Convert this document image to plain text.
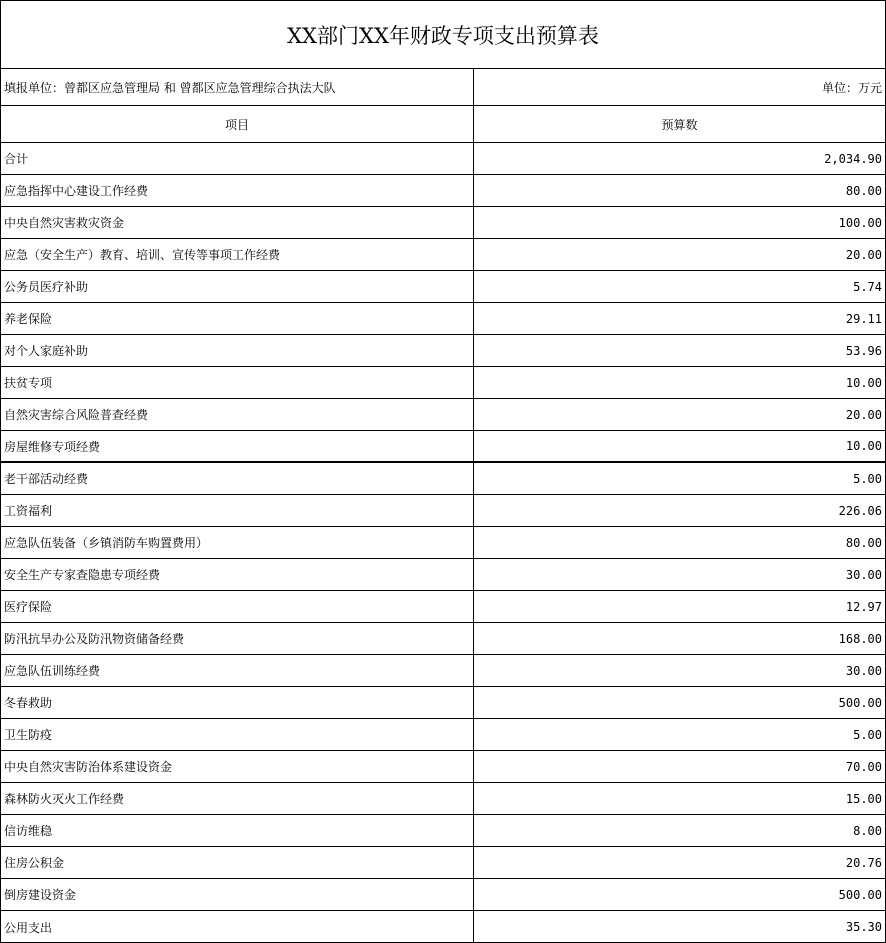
XX部门XX年财政专项支出预算表
填报单位：曾都区应急管理局 和 曾都区应急管理综合执法大队	单位：万元
项目	预算数
合计	2,034.90
应急指挥中心建设工作经费	80.00
中央自然灾害救灾资金	100.00
应急（安全生产）教育、培训、宣传等事项工作经费	20.00
公务员医疗补助	5.74
养老保险	29.11
对个人家庭补助	53.96
扶贫专项	10.00
自然灾害综合风险普查经费	20.00
房屋维修专项经费	10.00
老干部活动经费	5.00
工资福利	226.06
应急队伍装备（乡镇消防车购置费用）	80.00
安全生产专家查隐患专项经费	30.00
医疗保险	12.97
防汛抗旱办公及防汛物资储备经费	168.00
应急队伍训练经费	30.00
冬春救助	500.00
卫生防疫	5.00
中央自然灾害防治体系建设资金	70.00
森林防火灭火工作经费	15.00
信访维稳	8.00
住房公积金	20.76
倒房建设资金	500.00
公用支出	35.30
